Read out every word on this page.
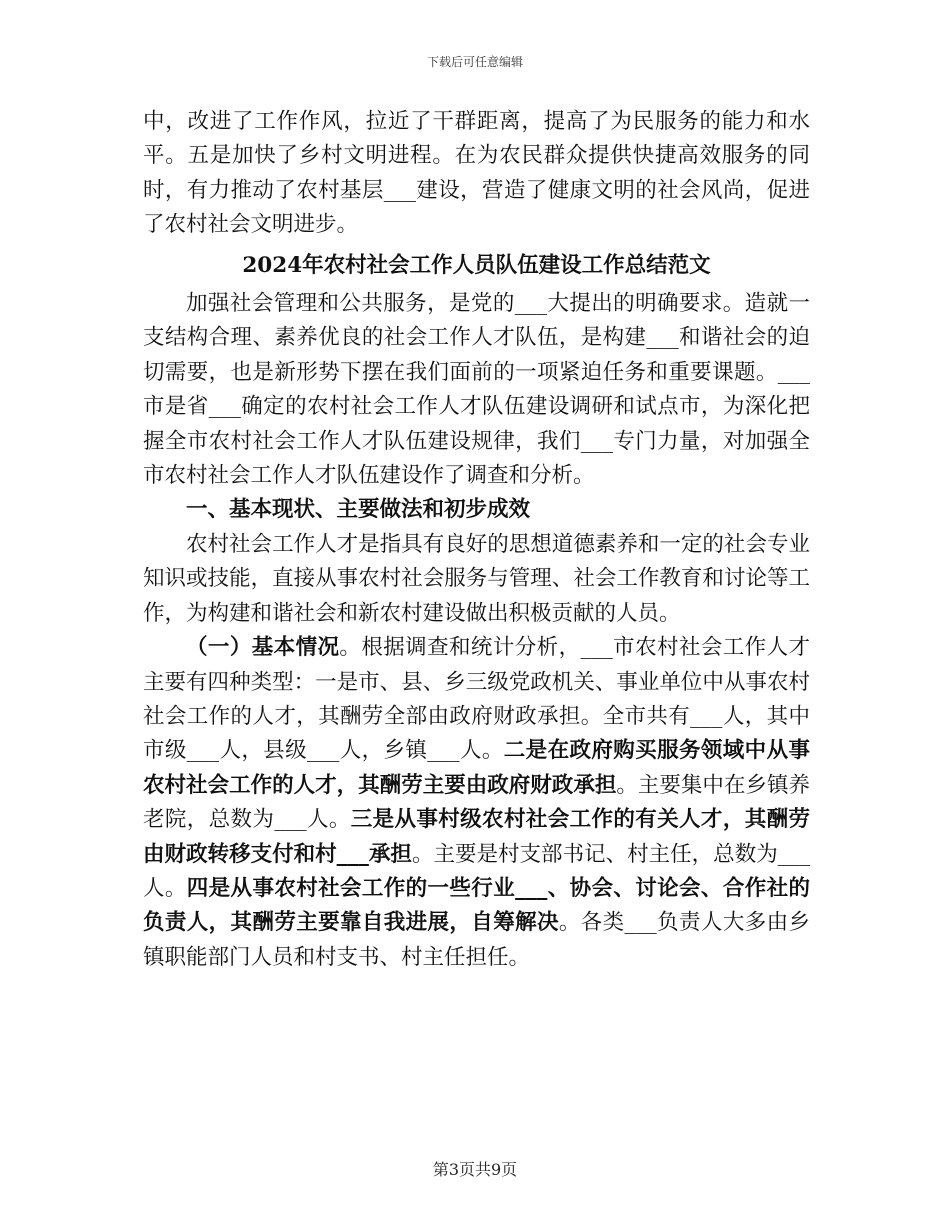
下载后可任意编辑

中，改进了工作作风，拉近了干群距离，提高了为民服务的能力和水平。五是加快了乡村文明进程。在为农民群众提供快捷高效服务的同时，有力推动了农村基层___建设，营造了健康文明的社会风尚，促进了农村社会文明进步。

2024年农村社会工作人员队伍建设工作总结范文

加强社会管理和公共服务，是党的___大提出的明确要求。造就一支结构合理、素养优良的社会工作人才队伍，是构建___和谐社会的迫切需要，也是新形势下摆在我们面前的一项紧迫任务和重要课题。___市是省___确定的农村社会工作人才队伍建设调研和试点市，为深化把握全市农村社会工作人才队伍建设规律，我们___专门力量，对加强全市农村社会工作人才队伍建设作了调查和分析。

一、基本现状、主要做法和初步成效

农村社会工作人才是指具有良好的思想道德素养和一定的社会专业知识或技能，直接从事农村社会服务与管理、社会工作教育和讨论等工作，为构建和谐社会和新农村建设做出积极贡献的人员。

（一）基本情况。根据调查和统计分析，___市农村社会工作人才主要有四种类型：一是市、县、乡三级党政机关、事业单位中从事农村社会工作的人才，其酬劳全部由政府财政承担。全市共有___人，其中市级___人，县级___人，乡镇___人。二是在政府购买服务领域中从事农村社会工作的人才，其酬劳主要由政府财政承担。主要集中在乡镇养老院，总数为___人。三是从事村级农村社会工作的有关人才，其酬劳由财政转移支付和村___承担。主要是村支部书记、村主任，总数为___人。四是从事农村社会工作的一些行业___、协会、讨论会、合作社的负责人，其酬劳主要靠自我进展，自筹解决。各类___负责人大多由乡镇职能部门人员和村支书、村主任担任。

第3页共9页
